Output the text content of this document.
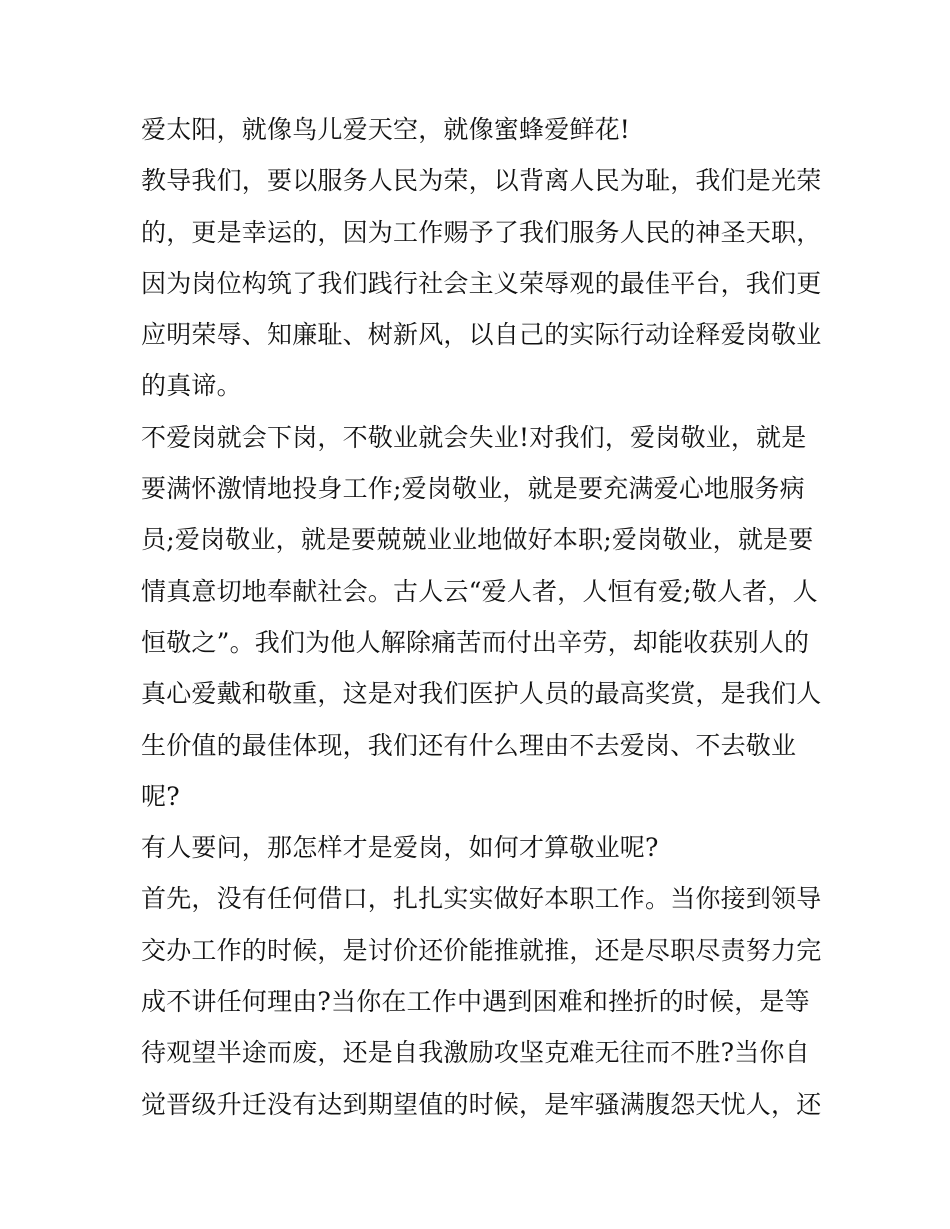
爱太阳，就像鸟儿爱天空，就像蜜蜂爱鲜花!
教导我们，要以服务人民为荣，以背离人民为耻，我们是光荣
的，更是幸运的，因为工作赐予了我们服务人民的神圣天职，
因为岗位构筑了我们践行社会主义荣辱观的最佳平台，我们更
应明荣辱、知廉耻、树新风，以自己的实际行动诠释爱岗敬业
的真谛。
不爱岗就会下岗，不敬业就会失业!对我们，爱岗敬业，就是
要满怀激情地投身工作;爱岗敬业，就是要充满爱心地服务病
员;爱岗敬业，就是要兢兢业业地做好本职;爱岗敬业，就是要
情真意切地奉献社会。古人云“爱人者，人恒有爱;敬人者，人
恒敬之”。我们为他人解除痛苦而付出辛劳，却能收获别人的
真心爱戴和敬重，这是对我们医护人员的最高奖赏，是我们人
生价值的最佳体现，我们还有什么理由不去爱岗、不去敬业
呢?
有人要问，那怎样才是爱岗，如何才算敬业呢?
首先，没有任何借口，扎扎实实做好本职工作。当你接到领导
交办工作的时候，是讨价还价能推就推，还是尽职尽责努力完
成不讲任何理由?当你在工作中遇到困难和挫折的时候，是等
待观望半途而废，还是自我激励攻坚克难无往而不胜?当你自
觉晋级升迁没有达到期望值的时候，是牢骚满腹怨天忧人，还
